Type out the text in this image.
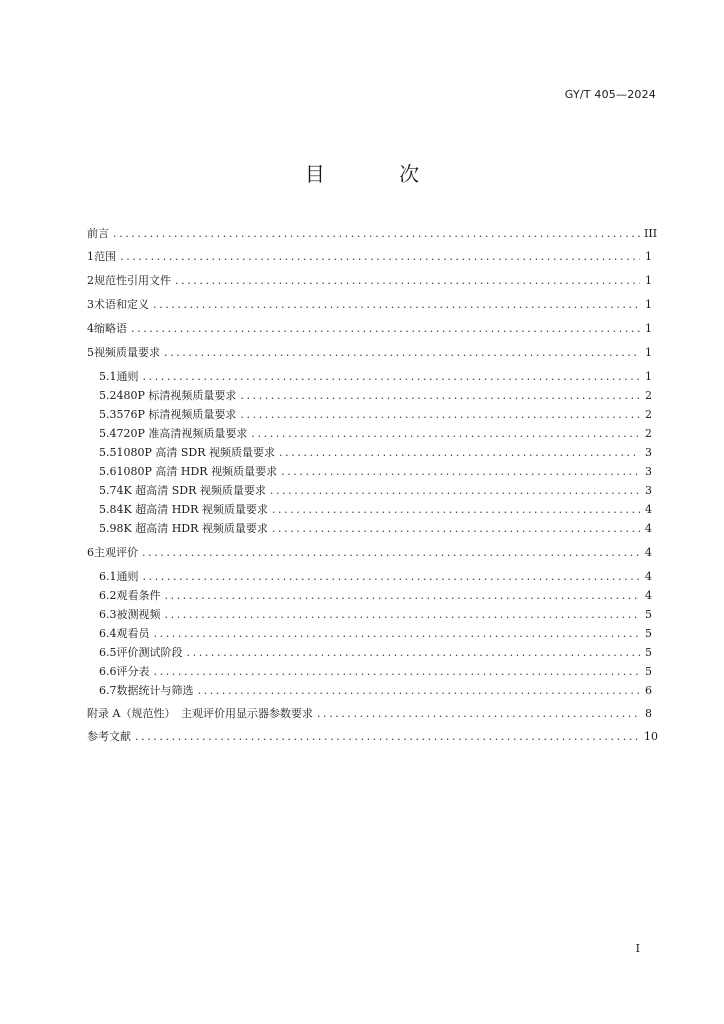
GY/T 405—2024
目 次
前言 .....	III
1 范围 .....	1
2 规范性引用文件 .....	1
3 术语和定义 .....	1
4 缩略语 .....	1
5 视频质量要求 .....	1
5.1 通则 .....	1
5.2 480P 标清视频质量要求 .....	2
5.3 576P 标清视频质量要求 .....	2
5.4 720P 准高清视频质量要求 .....	2
5.5 1080P 高清 SDR 视频质量要求 .....	3
5.6 1080P 高清 HDR 视频质量要求 .....	3
5.7 4K 超高清 SDR 视频质量要求 .....	3
5.8 4K 超高清 HDR 视频质量要求 .....	4
5.9 8K 超高清 HDR 视频质量要求 .....	4
6 主观评价 .....	4
6.1 通则 .....	4
6.2 观看条件 .....	4
6.3 被测视频 .....	5
6.4 观看员 .....	5
6.5 评价测试阶段 .....	5
6.6 评分表 .....	5
6.7 数据统计与筛选 .....	6
附录 A（规范性）　主观评价用显示器参数要求 .....	8
参考文献 .....	10
I
